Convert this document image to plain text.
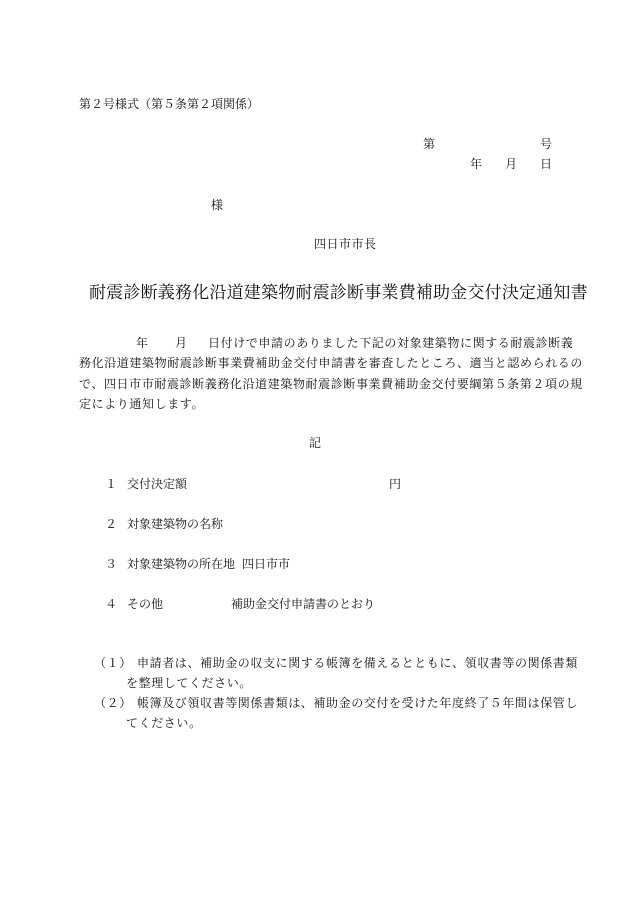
第２号様式（第５条第２項関係）
第	号
年 月 日
様
四日市市長
耐震診断義務化沿道建築物耐震診断事業費補助金交付決定通知書
年 月 日付けで申請のありました下記の対象建築物に関する耐震診断義
務化沿道建築物耐震診断事業費補助金交付申請書を審査したところ、適当と認められるの
で、四日市市耐震診断義務化沿道建築物耐震診断事業費補助金交付要綱第５条第２項の規
定により通知します。
記
１ 交付決定額	円
２ 対象建築物の名称
３ 対象建築物の所在地 四日市市
４ その他	補助金交付申請書のとおり
（１） 申請者は、補助金の収支に関する帳簿を備えるとともに、領収書等の関係書類
を整理してください。
（２） 帳簿及び領収書等関係書類は、補助金の交付を受けた年度終了５年間は保管し
てください。
